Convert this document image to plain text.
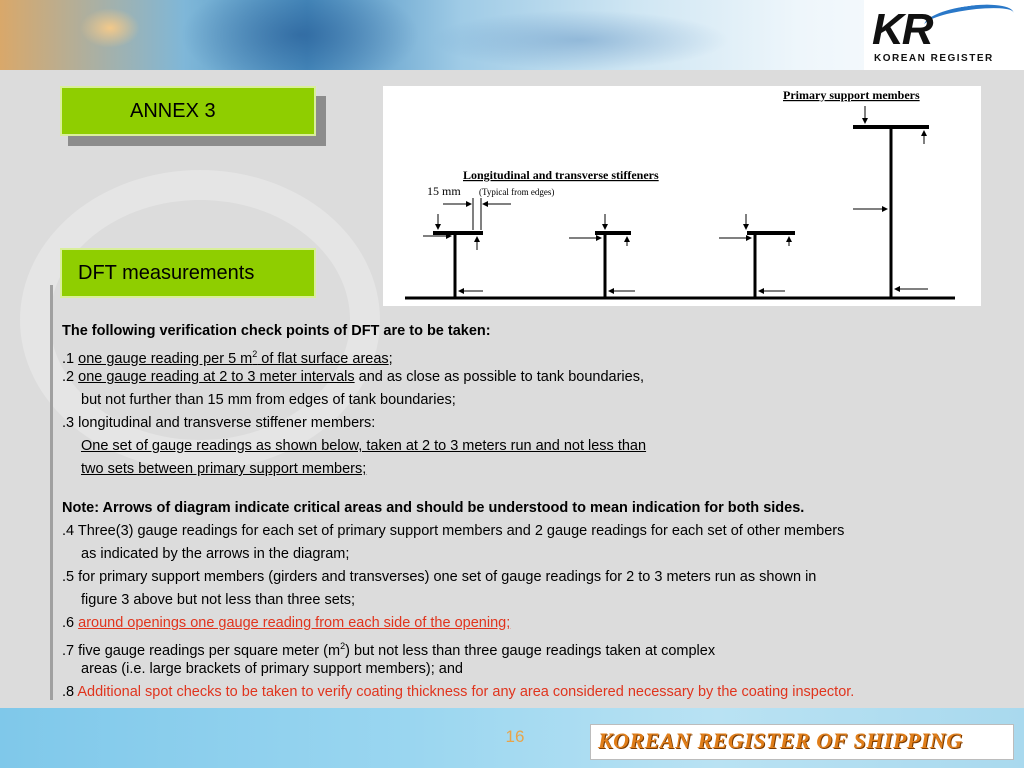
KR
KOREAN REGISTER
ANNEX 3
DFT measurements
Primary support members
Longitudinal and transverse stiffeners
15 mm (Typical from edges)
The following verification check points of DFT are to be taken:
.1 one gauge reading per 5 $m^2$ of flat surface areas;
.2 one gauge reading at 2 to 3 meter intervals and as close as possible to tank boundaries,
but not further than 15 mm from edges of tank boundaries;
.3 longitudinal and transverse stiffener members:
One set of gauge readings as shown below, taken at 2 to 3 meters run and not less than
two sets between primary support members;
Note: Arrows of diagram indicate critical areas and should be understood to mean indication for both sides.
.4 Three(3) gauge readings for each set of primary support members and 2 gauge readings for each set of other members
as indicated by the arrows in the diagram;
.5 for primary support members (girders and transverses) one set of gauge readings for 2 to 3 meters run as shown in
figure 3 above but not less than three sets;
.6 around openings one gauge reading from each side of the opening;
.7 five gauge readings per square meter $(m^2)$ but not less than three gauge readings taken at complex
areas (i.e. large brackets of primary support members); and
.8 Additional spot checks to be taken to verify coating thickness for any area considered necessary by the coating inspector.
16	KOREAN REGISTER OF SHIPPING
